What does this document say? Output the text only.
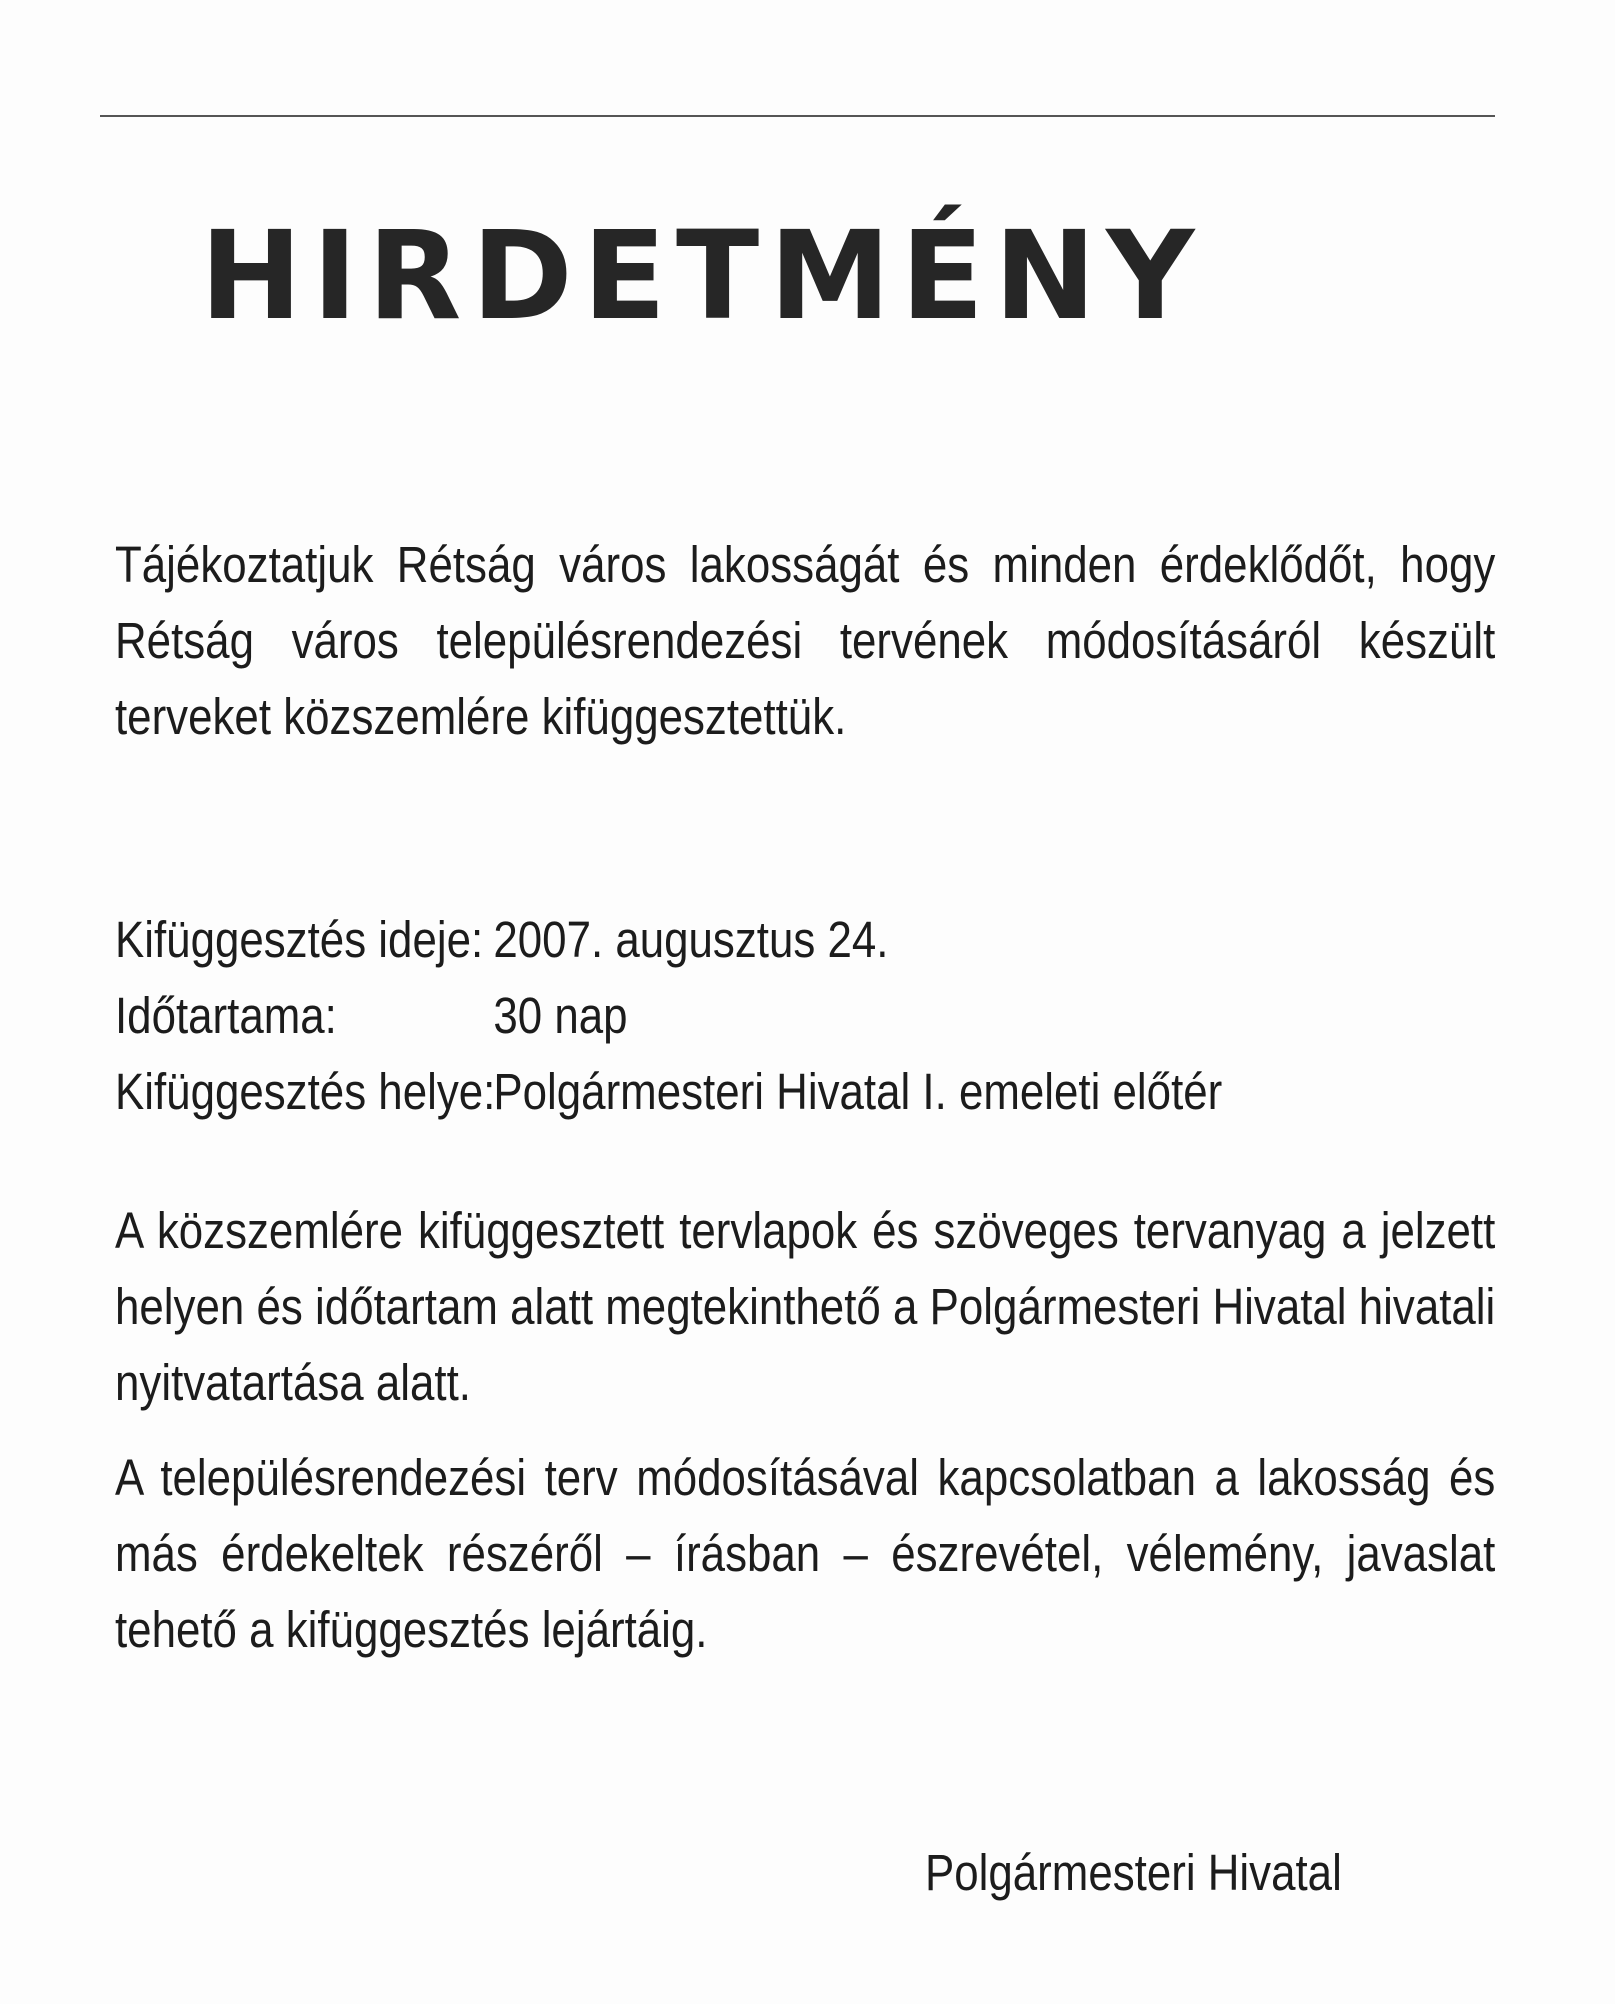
HIRDETMÉNY
Tájékoztatjuk Rétság város lakosságát és minden érdeklődőt, hogy Rétság város településrendezési tervének módosításáról készült terveket közszemlére kifüggesztettük.
Kifüggesztés ideje: 2007. augusztus 24.
Időtartama:	30 nap
Kifüggesztés helye:
Polgármesteri Hivatal I. emeleti előtér
A közszemlére kifüggesztett tervlapok és szöveges tervanyag a jelzett helyen és időtartam alatt megtekinthető a Polgármesteri Hivatal hivatali nyitvatartása alatt.
A településrendezési terv módosításával kapcsolatban a lakosság és más érdekeltek részéről – írásban – észrevétel, vélemény, javaslat tehető a kifüggesztés lejártáig.
Polgármesteri Hivatal
